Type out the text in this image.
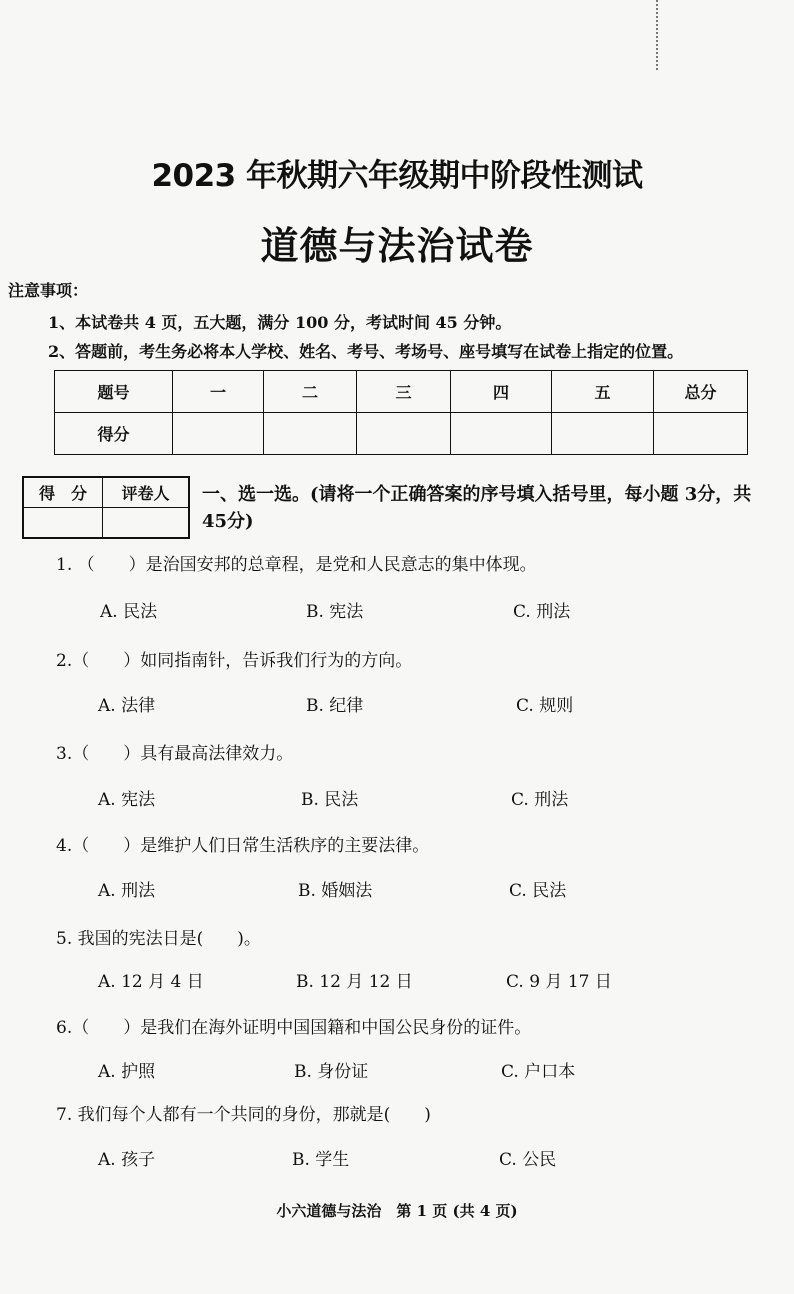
2023 年秋期六年级期中阶段性测试
道德与法治试卷
注意事项：
1、本试卷共 4 页，五大题，满分 100 分，考试时间 45 分钟。
2、答题前，考生务必将本人学校、姓名、考号、考场号、座号填写在试卷上指定的位置。
题号	一	二	三	四	五	总分
得分						
得　分	评卷人
	一、选一选。(请将一个正确答案的序号填入括号里，每小题 3分，共 45分)
1. （　　）是治国安邦的总章程，是党和人民意志的集中体现。
A. 民法	B. 宪法	C. 刑法
2.（　　）如同指南针，告诉我们行为的方向。
A. 法律	B. 纪律	C. 规则
3.（　　）具有最高法律效力。
A. 宪法	B. 民法	C. 刑法
4.（　　）是维护人们日常生活秩序的主要法律。
A. 刑法	B. 婚姻法	C. 民法
5. 我国的宪法日是(　　)。
A. 12 月 4 日	B. 12 月 12 日	C. 9 月 17 日
6.（　　）是我们在海外证明中国国籍和中国公民身份的证件。
A. 护照	B. 身份证	C. 户口本
7. 我们每个人都有一个共同的身份，那就是(　　)
A. 孩子	B. 学生	C. 公民
小六道德与法治　第 1 页 (共 4 页)
